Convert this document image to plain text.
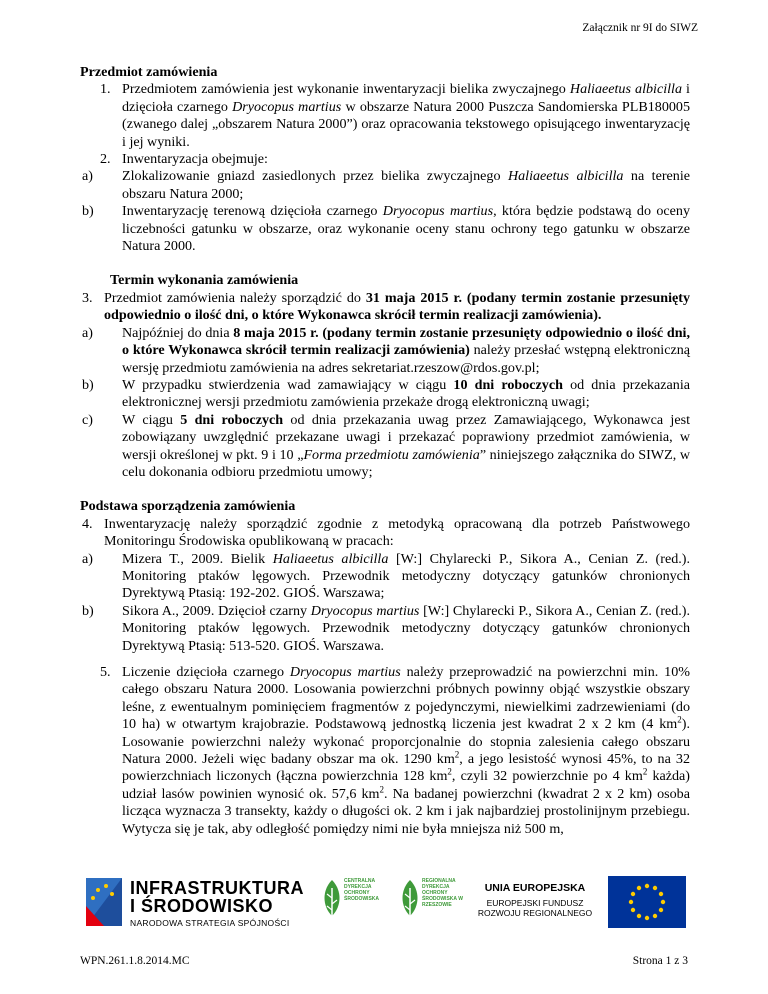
Załącznik nr 9I do SIWZ
Przedmiot zamówienia
1. Przedmiotem zamówienia jest wykonanie inwentaryzacji bielika zwyczajnego Haliaeetus albicilla i dzięcioła czarnego Dryocopus martius w obszarze Natura 2000 Puszcza Sandomierska PLB180005 (zwanego dalej „obszarem Natura 2000”) oraz opracowania tekstowego opisującego inwentaryzację i jej wyniki.
2. Inwentaryzacja obejmuje:
a) Zlokalizowanie gniazd zasiedlonych przez bielika zwyczajnego Haliaeetus albicilla na terenie obszaru Natura 2000;
b) Inwentaryzację terenową dzięcioła czarnego Dryocopus martius, która będzie podstawą do oceny liczebności gatunku w obszarze, oraz wykonanie oceny stanu ochrony tego gatunku w obszarze Natura 2000.
Termin wykonania zamówienia
3. Przedmiot zamówienia należy sporządzić do 31 maja 2015 r. (podany termin zostanie przesunięty odpowiednio o ilość dni, o które Wykonawca skrócił termin realizacji zamówienia).
a) Najpóźniej do dnia 8 maja 2015 r. (podany termin zostanie przesunięty odpowiednio o ilość dni, o które Wykonawca skrócił termin realizacji zamówienia) należy przesłać wstępną elektroniczną wersję przedmiotu zamówienia na adres sekretariat.rzeszow@rdos.gov.pl;
b) W przypadku stwierdzenia wad zamawiający w ciągu 10 dni roboczych od dnia przekazania elektronicznej wersji przedmiotu zamówienia przekaże drogą elektroniczną uwagi;
c) W ciągu 5 dni roboczych od dnia przekazania uwag przez Zamawiającego, Wykonawca jest zobowiązany uwzględnić przekazane uwagi i przekazać poprawiony przedmiot zamówienia, w wersji określonej w pkt. 9 i 10 „Forma przedmiotu zamówienia” niniejszego załącznika do SIWZ, w celu dokonania odbioru przedmiotu umowy;
Podstawa sporządzenia zamówienia
4. Inwentaryzację należy sporządzić zgodnie z metodyką opracowaną dla potrzeb Państwowego Monitoringu Środowiska opublikowaną w pracach:
a) Mizera T., 2009. Bielik Haliaeetus albicilla [W:] Chylarecki P., Sikora A., Cenian Z. (red.). Monitoring ptaków lęgowych. Przewodnik metodyczny dotyczący gatunków chronionych Dyrektywą Ptasią: 192-202. GIOŚ. Warszawa;
b) Sikora A., 2009. Dzięcioł czarny Dryocopus martius [W:] Chylarecki P., Sikora A., Cenian Z. (red.). Monitoring ptaków lęgowych. Przewodnik metodyczny dotyczący gatunków chronionych Dyrektywą Ptasią: 513-520. GIOŚ. Warszawa.
5. Liczenie dzięcioła czarnego Dryocopus martius należy przeprowadzić na powierzchni min. 10% całego obszaru Natura 2000. Losowania powierzchni próbnych powinny objąć wszystkie obszary leśne, z ewentualnym pominięciem fragmentów z pojedynczymi, niewielkimi zadrzewieniami (do 10 ha) w otwartym krajobrazie. Podstawową jednostką liczenia jest kwadrat 2 x 2 km (4 $km^2$). Losowanie powierzchni należy wykonać proporcjonalnie do stopnia zalesienia całego obszaru Natura 2000. Jeżeli więc badany obszar ma ok. 1290 $km^2$, a jego lesistość wynosi 45%, to na 32 powierzchniach liczonych (łączna powierzchnia 128 $km^2$, czyli 32 powierzchnie po 4 $km^2$ każda) udział lasów powinien wynosić ok. 57,6 $km^2$. Na badanej powierzchni (kwadrat 2 x 2 km) osoba licząca wyznacza 3 transekty, każdy o długości ok. 2 km i jak najbardziej prostolinijnym przebiegu. Wytycza się je tak, aby odległość pomiędzy nimi nie była mniejsza niż 500 m,
INFRASTRUKTURA
I ŚRODOWISKO
NARODOWA STRATEGIA SPÓJNOŚCI
CENTRALNA DYREKCJA OCHRONY ŚRODOWISKA
REGIONALNA DYREKCJA OCHRONY ŚRODOWISKA W RZESZOWIE
UNIA EUROPEJSKA
EUROPEJSKI FUNDUSZ
ROZWOJU REGIONALNEGO
WPN.261.1.8.2014.MC	Strona 1 z 3
